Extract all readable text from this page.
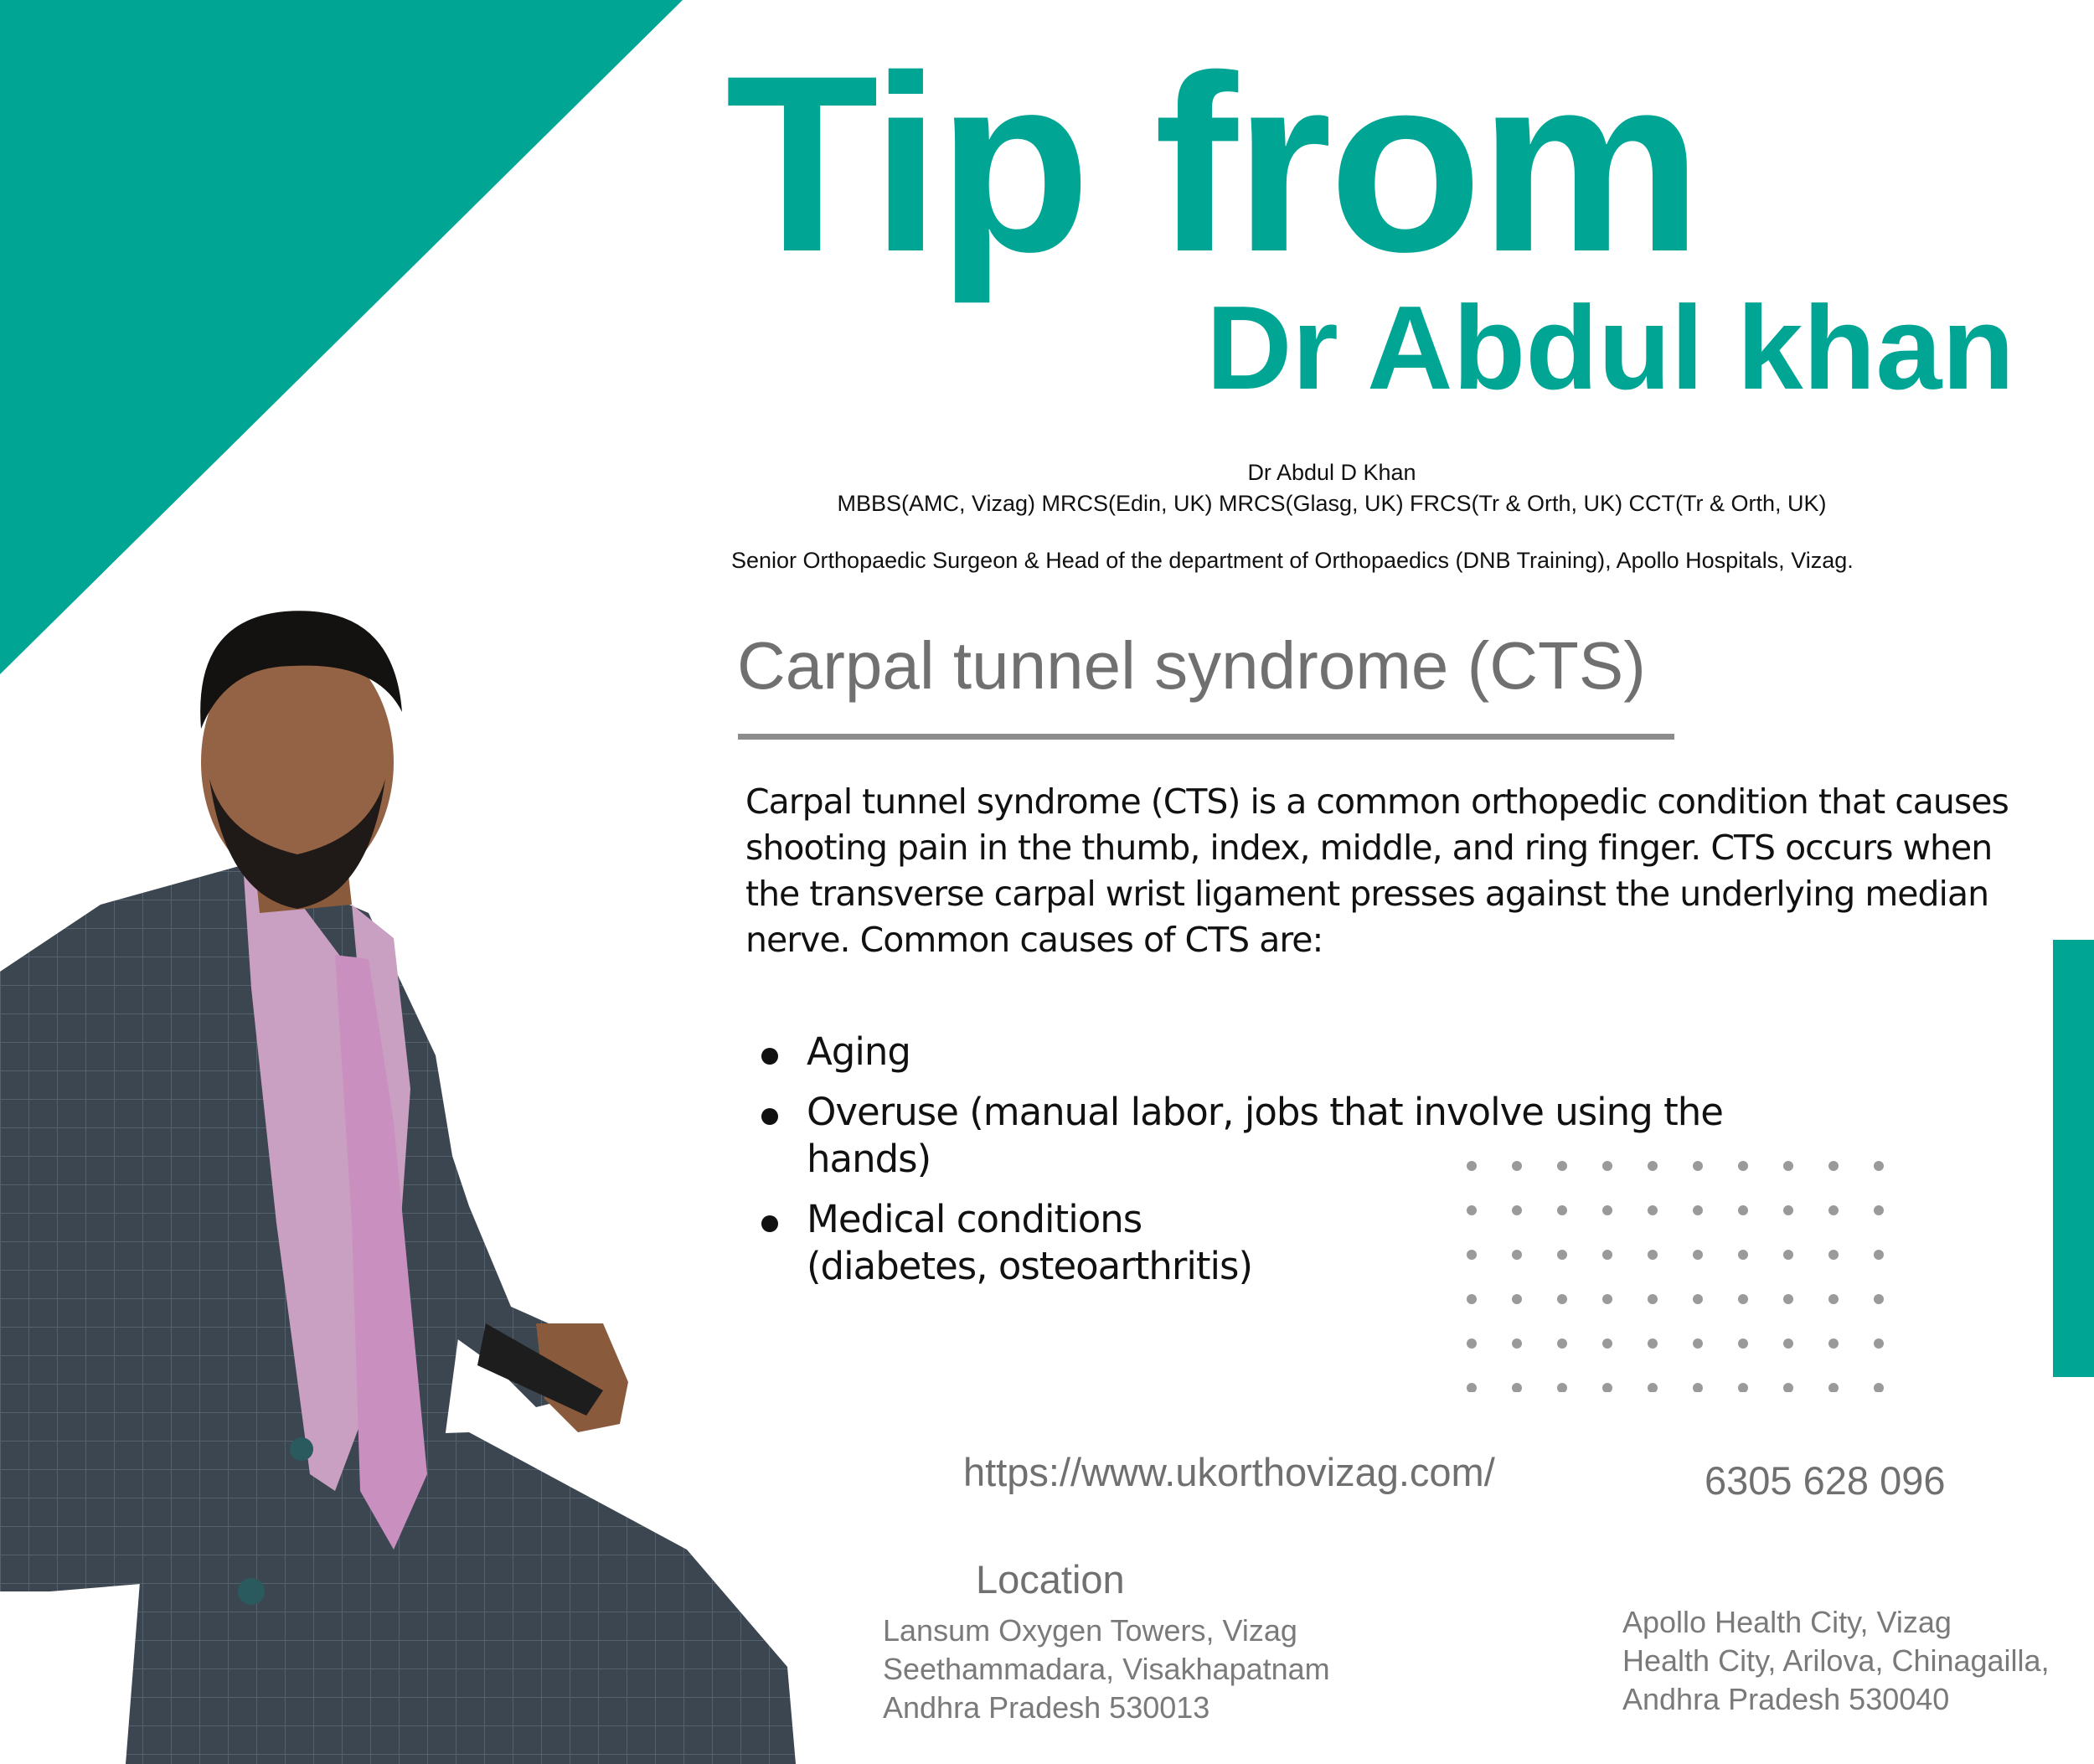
Tip from
Dr Abdul khan
Dr Abdul D Khan
MBBS(AMC, Vizag) MRCS(Edin, UK) MRCS(Glasg, UK) FRCS(Tr & Orth, UK) CCT(Tr & Orth, UK)
Senior Orthopaedic Surgeon & Head of the department of Orthopaedics (DNB Training), Apollo Hospitals, Vizag.
Carpal tunnel syndrome (CTS)
Carpal tunnel syndrome (CTS) is a common orthopedic condition that causes shooting pain in the thumb, index, middle, and ring finger. CTS occurs when the transverse carpal wrist ligament presses against the underlying median nerve. Common causes of CTS are:
Aging
Overuse (manual labor, jobs that involve using the hands)
Medical conditions
(diabetes, osteoarthritis)
https://www.ukorthovizag.com/	6305 628 096
Location
Lansum Oxygen Towers, Vizag
Seethammadara, Visakhapatnam
Andhra Pradesh 530013
Apollo Health City, Vizag
Health City, Arilova, Chinagailla,
Andhra Pradesh 530040
